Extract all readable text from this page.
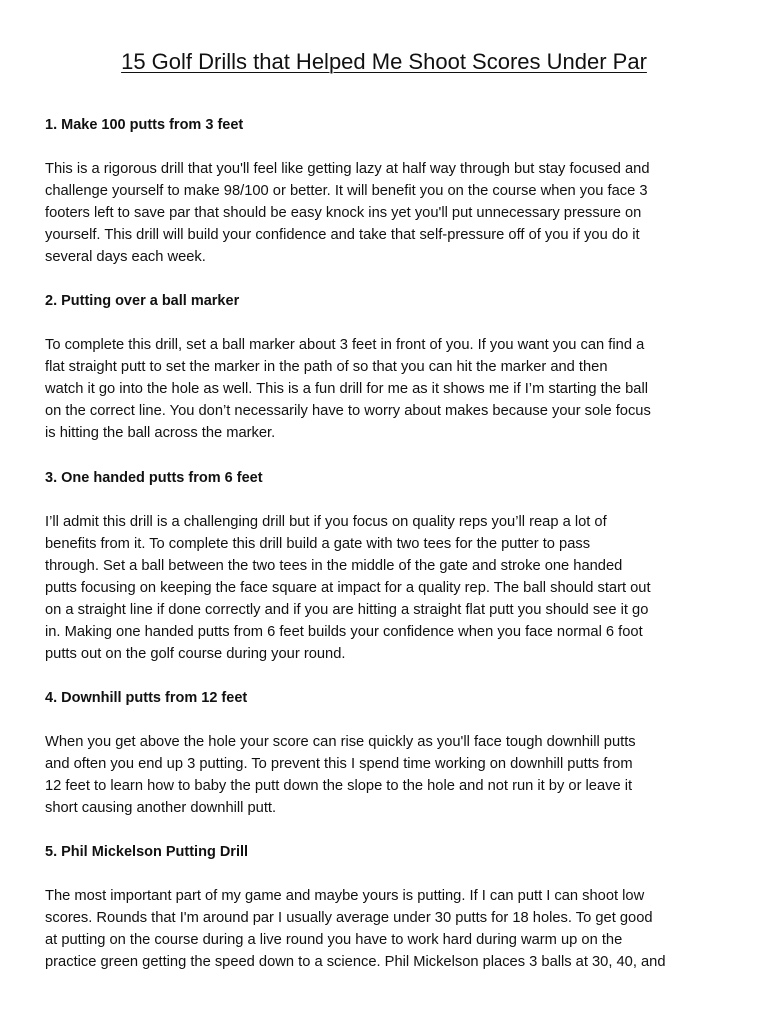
15 Golf Drills that Helped Me Shoot Scores Under Par

1. Make 100 putts from 3 feet

This is a rigorous drill that you'll feel like getting lazy at half way through but stay focused and
challenge yourself to make 98/100 or better. It will benefit you on the course when you face 3
footers left to save par that should be easy knock ins yet you'll put unnecessary pressure on
yourself. This drill will build your confidence and take that self-pressure off of you if you do it
several days each week.

2. Putting over a ball marker

To complete this drill, set a ball marker about 3 feet in front of you. If you want you can find a
flat straight putt to set the marker in the path of so that you can hit the marker and then
watch it go into the hole as well. This is a fun drill for me as it shows me if I’m starting the ball
on the correct line. You don’t necessarily have to worry about makes because your sole focus
is hitting the ball across the marker.

3. One handed putts from 6 feet

I’ll admit this drill is a challenging drill but if you focus on quality reps you’ll reap a lot of
benefits from it. To complete this drill build a gate with two tees for the putter to pass
through. Set a ball between the two tees in the middle of the gate and stroke one handed
putts focusing on keeping the face square at impact for a quality rep. The ball should start out
on a straight line if done correctly and if you are hitting a straight flat putt you should see it go
in. Making one handed putts from 6 feet builds your confidence when you face normal 6 foot
putts out on the golf course during your round.

4. Downhill putts from 12 feet

When you get above the hole your score can rise quickly as you'll face tough downhill putts
and often you end up 3 putting. To prevent this I spend time working on downhill putts from
12 feet to learn how to baby the putt down the slope to the hole and not run it by or leave it
short causing another downhill putt.

5. Phil Mickelson Putting Drill

The most important part of my game and maybe yours is putting. If I can putt I can shoot low
scores. Rounds that I'm around par I usually average under 30 putts for 18 holes. To get good
at putting on the course during a live round you have to work hard during warm up on the
practice green getting the speed down to a science. Phil Mickelson places 3 balls at 30, 40, and
